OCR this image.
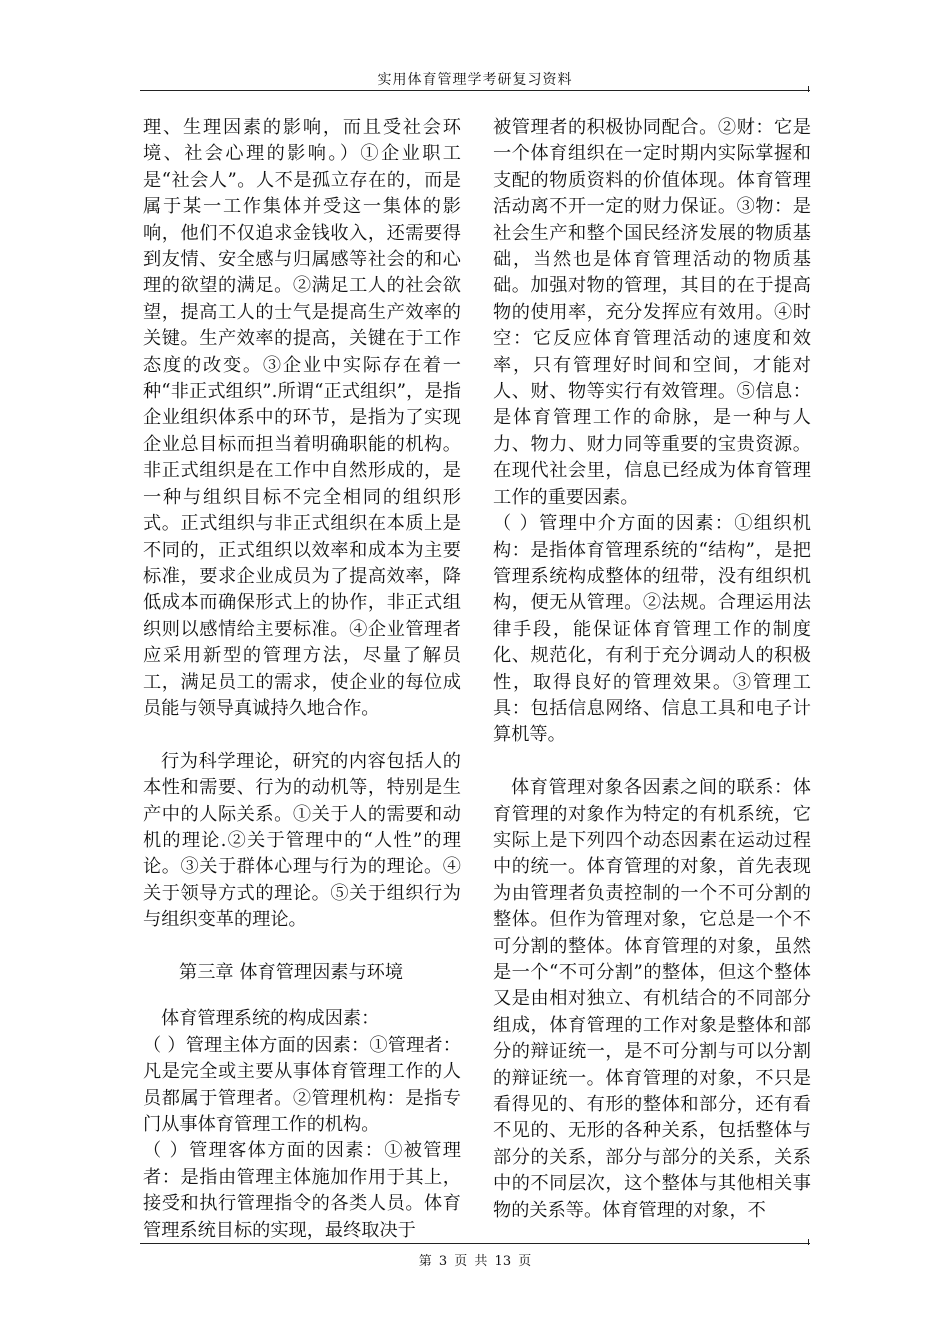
实用体育管理学考研复习资料

理、生理因素的影响，而且受社会环境、社会心理的影响。）①企业职工是“社会人”。人不是孤立存在的，而是属于某一工作集体并受这一集体的影响，他们不仅追求金钱收入，还需要得到友情、安全感与归属感等社会的和心理的欲望的满足。②满足工人的社会欲望，提高工人的士气是提高生产效率的关键。生产效率的提高，关键在于工作态度的改变。③企业中实际存在着一种“非正式组织”.所谓“正式组织”，是指企业组织体系中的环节，是指为了实现企业总目标而担当着明确职能的机构。非正式组织是在工作中自然形成的，是一种与组织目标不完全相同的组织形式。正式组织与非正式组织在本质上是不同的，正式组织以效率和成本为主要标准，要求企业成员为了提高效率，降低成本而确保形式上的协作，非正式组织则以感情给主要标准。④企业管理者应采用新型的管理方法，尽量了解员工，满足员工的需求，使企业的每位成员能与领导真诚持久地合作。

行为科学理论，研究的内容包括人的本性和需要、行为的动机等，特别是生产中的人际关系。①关于人的需要和动机的理论.②关于管理中的“人性”的理论。③关于群体心理与行为的理论。④关于领导方式的理论。⑤关于组织行为与组织变革的理论。

第三章 体育管理因素与环境

体育管理系统的构成因素：

（ ）管理主体方面的因素：①管理者：凡是完全或主要从事体育管理工作的人员都属于管理者。②管理机构：是指专门从事体育管理工作的机构。

（ ）管理客体方面的因素：①被管理者：是指由管理主体施加作用于其上，接受和执行管理指令的各类人员。体育管理系统目标的实现，最终取决于

被管理者的积极协同配合。②财：它是一个体育组织在一定时期内实际掌握和支配的物质资料的价值体现。体育管理活动离不开一定的财力保证。③物：是社会生产和整个国民经济发展的物质基础，当然也是体育管理活动的物质基础。加强对物的管理，其目的在于提高物的使用率，充分发挥应有效用。④时空：它反应体育管理活动的速度和效率，只有管理好时间和空间，才能对人、财、物等实行有效管理。⑤信息：是体育管理工作的命脉，是一种与人力、物力、财力同等重要的宝贵资源。在现代社会里，信息已经成为体育管理工作的重要因素。

（ ）管理中介方面的因素：①组织机构：是指体育管理系统的“结构”，是把管理系统构成整体的纽带，没有组织机构，便无从管理。②法规。合理运用法律手段，能保证体育管理工作的制度化、规范化，有利于充分调动人的积极性，取得良好的管理效果。③管理工具：包括信息网络、信息工具和电子计算机等。

体育管理对象各因素之间的联系：体育管理的对象作为特定的有机系统，它实际上是下列四个动态因素在运动过程中的统一。体育管理的对象，首先表现为由管理者负责控制的一个不可分割的整体。但作为管理对象，它总是一个不可分割的整体。体育管理的对象，虽然是一个“不可分割”的整体，但这个整体又是由相对独立、有机结合的不同部分组成，体育管理的工作对象是整体和部分的辩证统一，是不可分割与可以分割的辩证统一。体育管理的对象，不只是看得见的、有形的整体和部分，还有看不见的、无形的各种关系，包括整体与部分的关系，部分与部分的关系，关系中的不同层次，这个整体与其他相关事物的关系等。体育管理的对象，不

第 3 页 共 13 页
